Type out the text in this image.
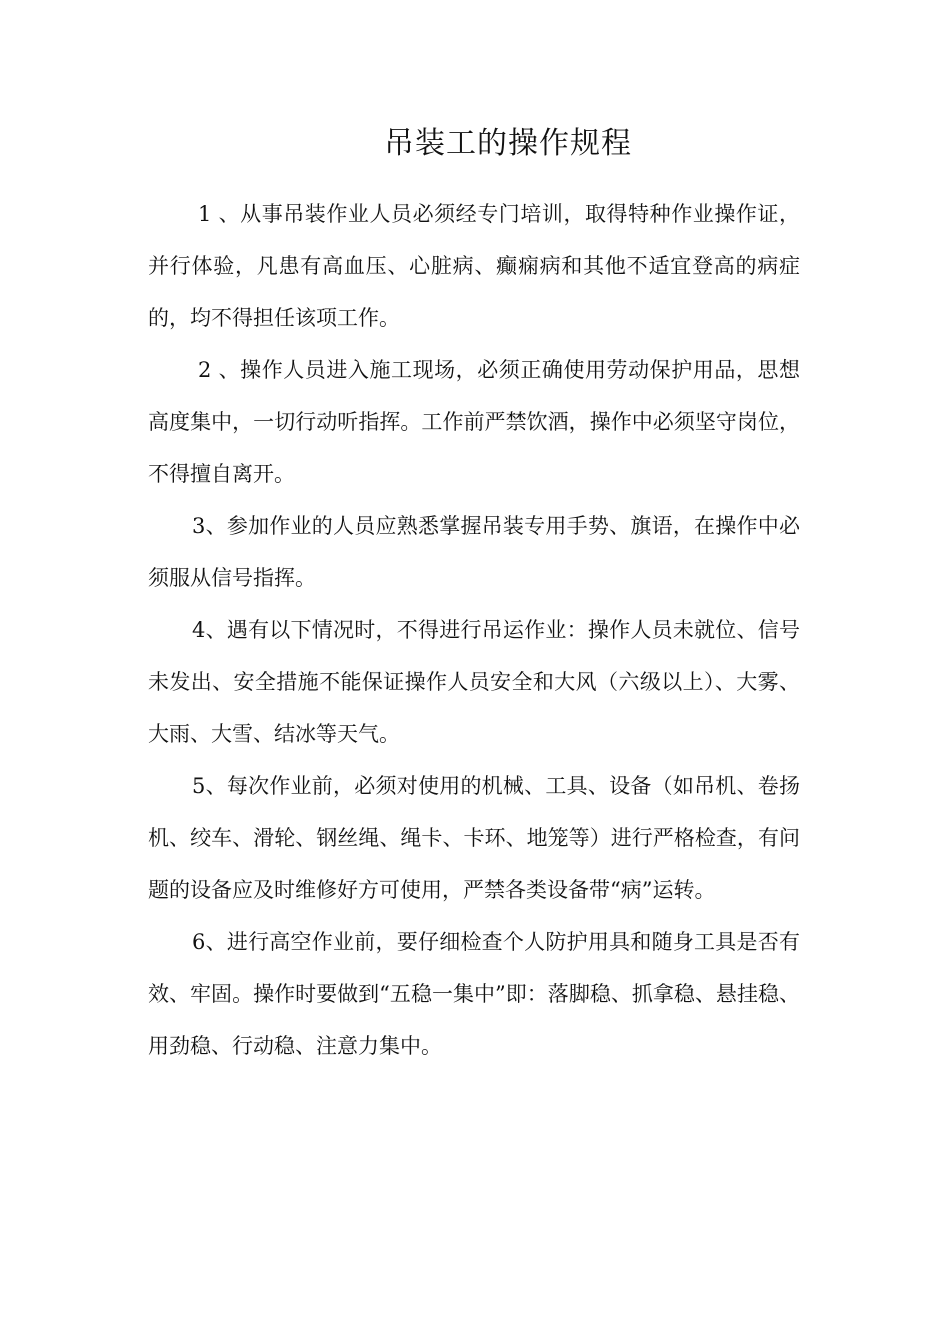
吊装工的操作规程

1 、从事吊装作业人员必须经专门培训，取得特种作业操作证，并行体验，凡患有高血压、心脏病、癫痫病和其他不适宜登高的病症的，均不得担任该项工作。

2 、操作人员进入施工现场，必须正确使用劳动保护用品，思想高度集中，一切行动听指挥。工作前严禁饮酒，操作中必须坚守岗位，不得擅自离开。

3、参加作业的人员应熟悉掌握吊装专用手势、旗语，在操作中必须服从信号指挥。

4、遇有以下情况时，不得进行吊运作业：操作人员未就位、信号未发出、安全措施不能保证操作人员安全和大风（六级以上）、大雾、大雨、大雪、结冰等天气。

5、每次作业前，必须对使用的机械、工具、设备（如吊机、卷扬机、绞车、滑轮、钢丝绳、绳卡、卡环、地笼等）进行严格检查，有问题的设备应及时维修好方可使用，严禁各类设备带“病”运转。

6、进行高空作业前，要仔细检查个人防护用具和随身工具是否有效、牢固。操作时要做到“五稳一集中”即：落脚稳、抓拿稳、悬挂稳、用劲稳、行动稳、注意力集中。
